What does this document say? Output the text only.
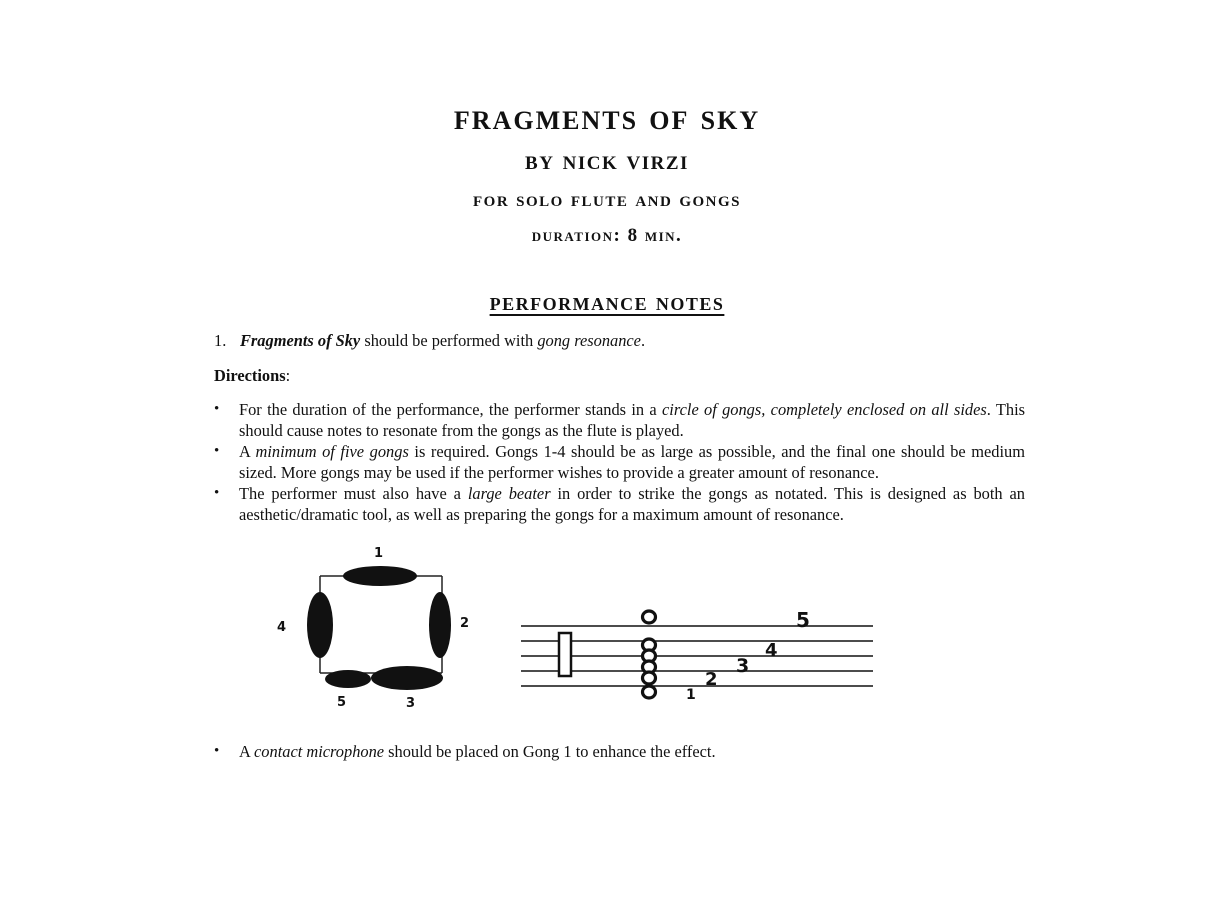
fragments of sky
by nick virzi
for solo flute and gongs
duration: 8 min.
performance notes
1. Fragments of Sky should be performed with gong resonance.
Directions:
•	For the duration of the performance, the performer stands in a circle of gongs, completely enclosed on all sides. This should cause notes to resonate from the gongs as the flute is played.
•	A minimum of five gongs is required. Gongs 1-4 should be as large as possible, and the final one should be medium sized. More gongs may be used if the performer wishes to provide a greater amount of resonance.
•	The performer must also have a large beater in order to strike the gongs as notated. This is designed as both an aesthetic/dramatic tool, as well as preparing the gongs for a maximum amount of resonance.
1
2
3
4
5	1
2
3
4
5
•	A contact microphone should be placed on Gong 1 to enhance the effect.
